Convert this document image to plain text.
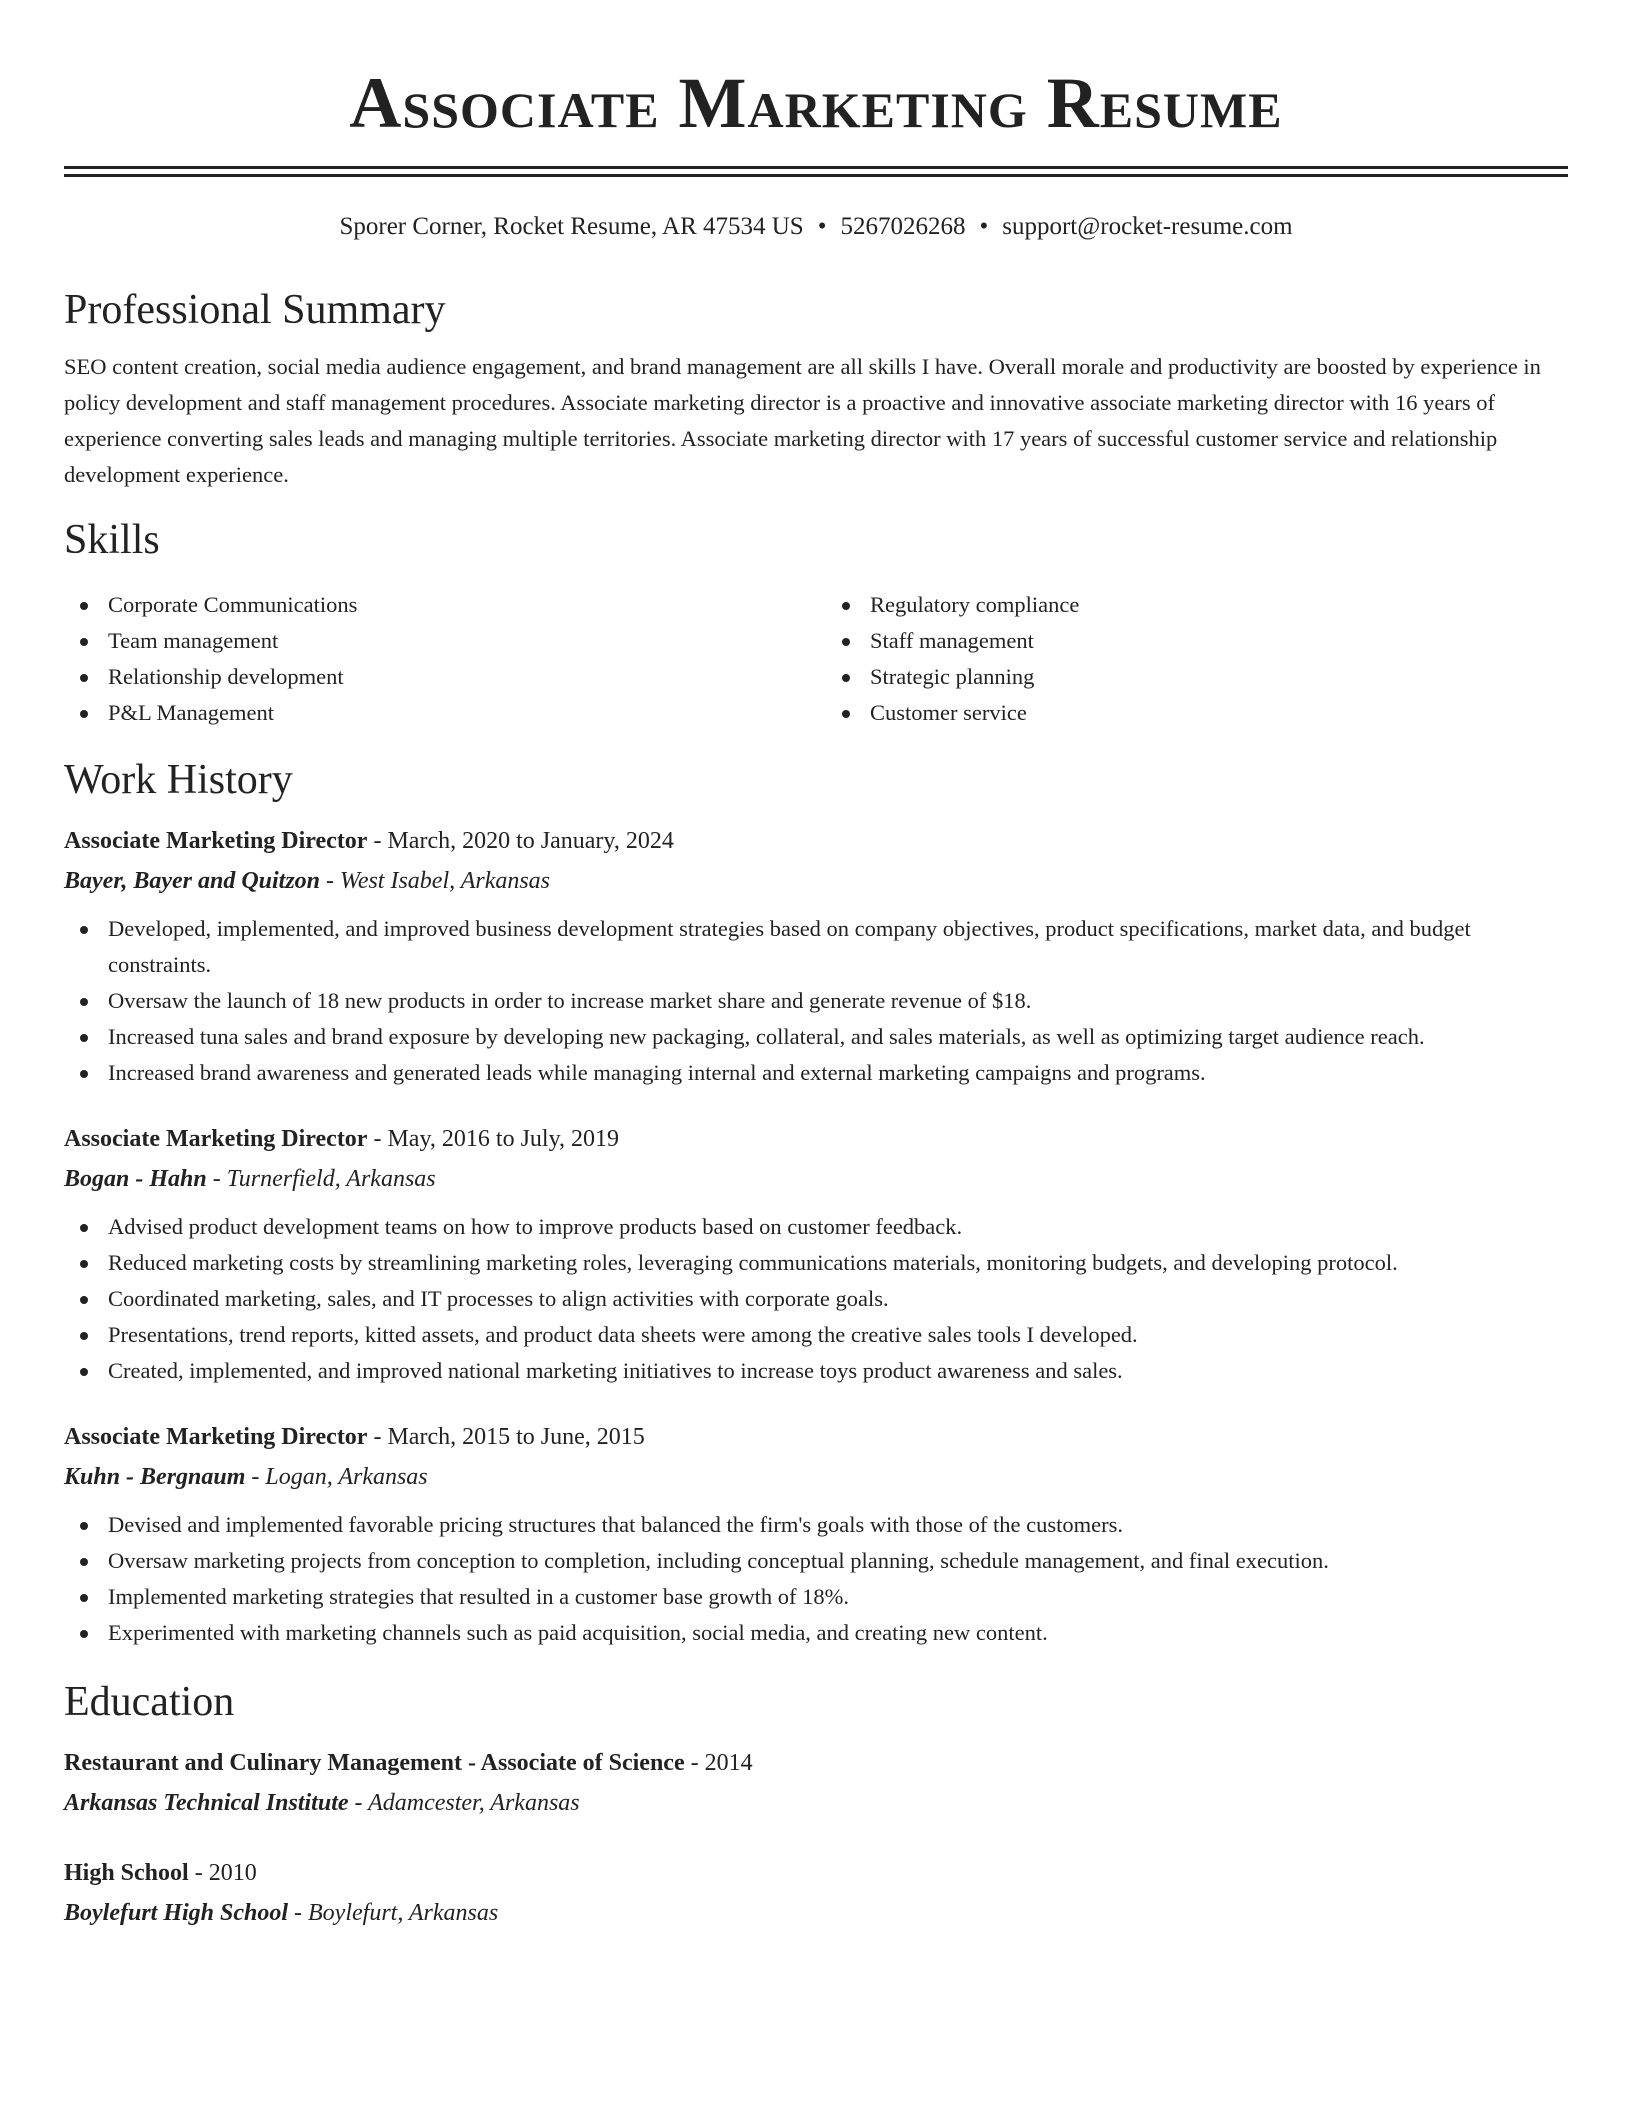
Associate Marketing Resume
Sporer Corner, Rocket Resume, AR 47534 US • 5267026268 • support@rocket-resume.com
Professional Summary

SEO content creation, social media audience engagement, and brand management are all skills I have. Overall morale and productivity are boosted by experience in policy development and staff management procedures. Associate marketing director is a proactive and innovative associate marketing director with 16 years of experience converting sales leads and managing multiple territories. Associate marketing director with 17 years of successful customer service and relationship development experience.

Skills
Corporate Communications
Team management
Relationship development
P&L Management
Regulatory compliance
Staff management
Strategic planning
Customer service
Work History
Associate Marketing Director - March, 2020 to January, 2024
Bayer, Bayer and Quitzon - West Isabel, Arkansas
Developed, implemented, and improved business development strategies based on company objectives, product specifications, market data, and budget constraints.
Oversaw the launch of 18 new products in order to increase market share and generate revenue of $18.
Increased tuna sales and brand exposure by developing new packaging, collateral, and sales materials, as well as optimizing target audience reach.
Increased brand awareness and generated leads while managing internal and external marketing campaigns and programs.
Associate Marketing Director - May, 2016 to July, 2019
Bogan - Hahn - Turnerfield, Arkansas
Advised product development teams on how to improve products based on customer feedback.
Reduced marketing costs by streamlining marketing roles, leveraging communications materials, monitoring budgets, and developing protocol.
Coordinated marketing, sales, and IT processes to align activities with corporate goals.
Presentations, trend reports, kitted assets, and product data sheets were among the creative sales tools I developed.
Created, implemented, and improved national marketing initiatives to increase toys product awareness and sales.
Associate Marketing Director - March, 2015 to June, 2015
Kuhn - Bergnaum - Logan, Arkansas
Devised and implemented favorable pricing structures that balanced the firm's goals with those of the customers.
Oversaw marketing projects from conception to completion, including conceptual planning, schedule management, and final execution.
Implemented marketing strategies that resulted in a customer base growth of 18%.
Experimented with marketing channels such as paid acquisition, social media, and creating new content.
Education
Restaurant and Culinary Management - Associate of Science - 2014
Arkansas Technical Institute - Adamcester, Arkansas
High School - 2010
Boylefurt High School - Boylefurt, Arkansas
